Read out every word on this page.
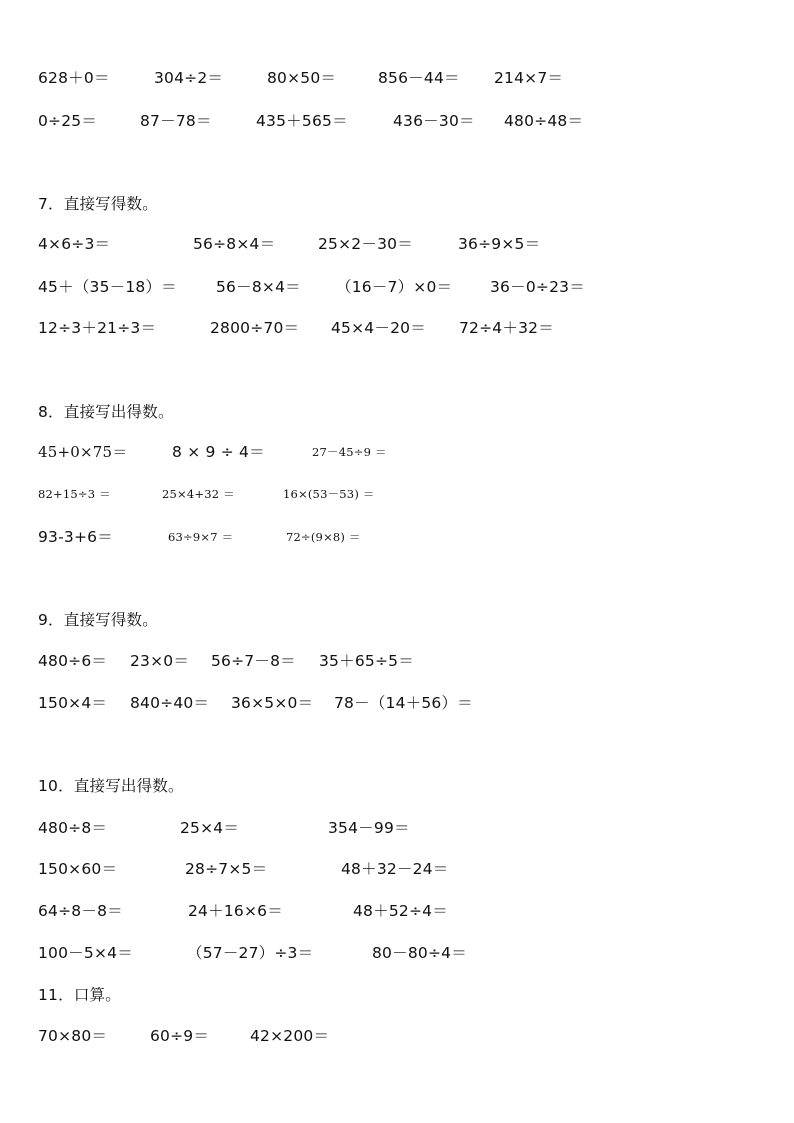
628＋0＝	304÷2＝	80×50＝	856－44＝ 214×7＝
0÷25＝	87－78＝	435＋565＝	436－30＝ 480÷48＝
7．直接写得数。
4×6÷3＝	56÷8×4＝	25×2－30＝	36÷9×5＝
45＋（35－18）＝	56－8×4＝ （16－7）×0＝ 36－0÷23＝
12÷3＋21÷3＝	2800÷70＝ 45×4－20＝ 72÷4＋32＝
8．直接写出得数。
45+0×75＝	8 × 9 ÷ 4＝	27－45÷9 ＝
82+15÷3 ＝	25×4+32 ＝	16×(53－53) ＝
93-3+6＝	63÷9×7 ＝	72÷(9×8) ＝
9．直接写得数。
480÷6＝ 23×0＝ 56÷7－8＝ 35＋65÷5＝
150×4＝ 840÷40＝ 36×5×0＝ 78－（14＋56）＝
10．直接写出得数。
480÷8＝	25×4＝	354－99＝
150×60＝	28÷7×5＝	48＋32－24＝
64÷8－8＝	24＋16×6＝	48＋52÷4＝
100－5×4＝	（57－27）÷3＝	80－80÷4＝
11．口算。
70×80＝	60÷9＝	42×200＝
